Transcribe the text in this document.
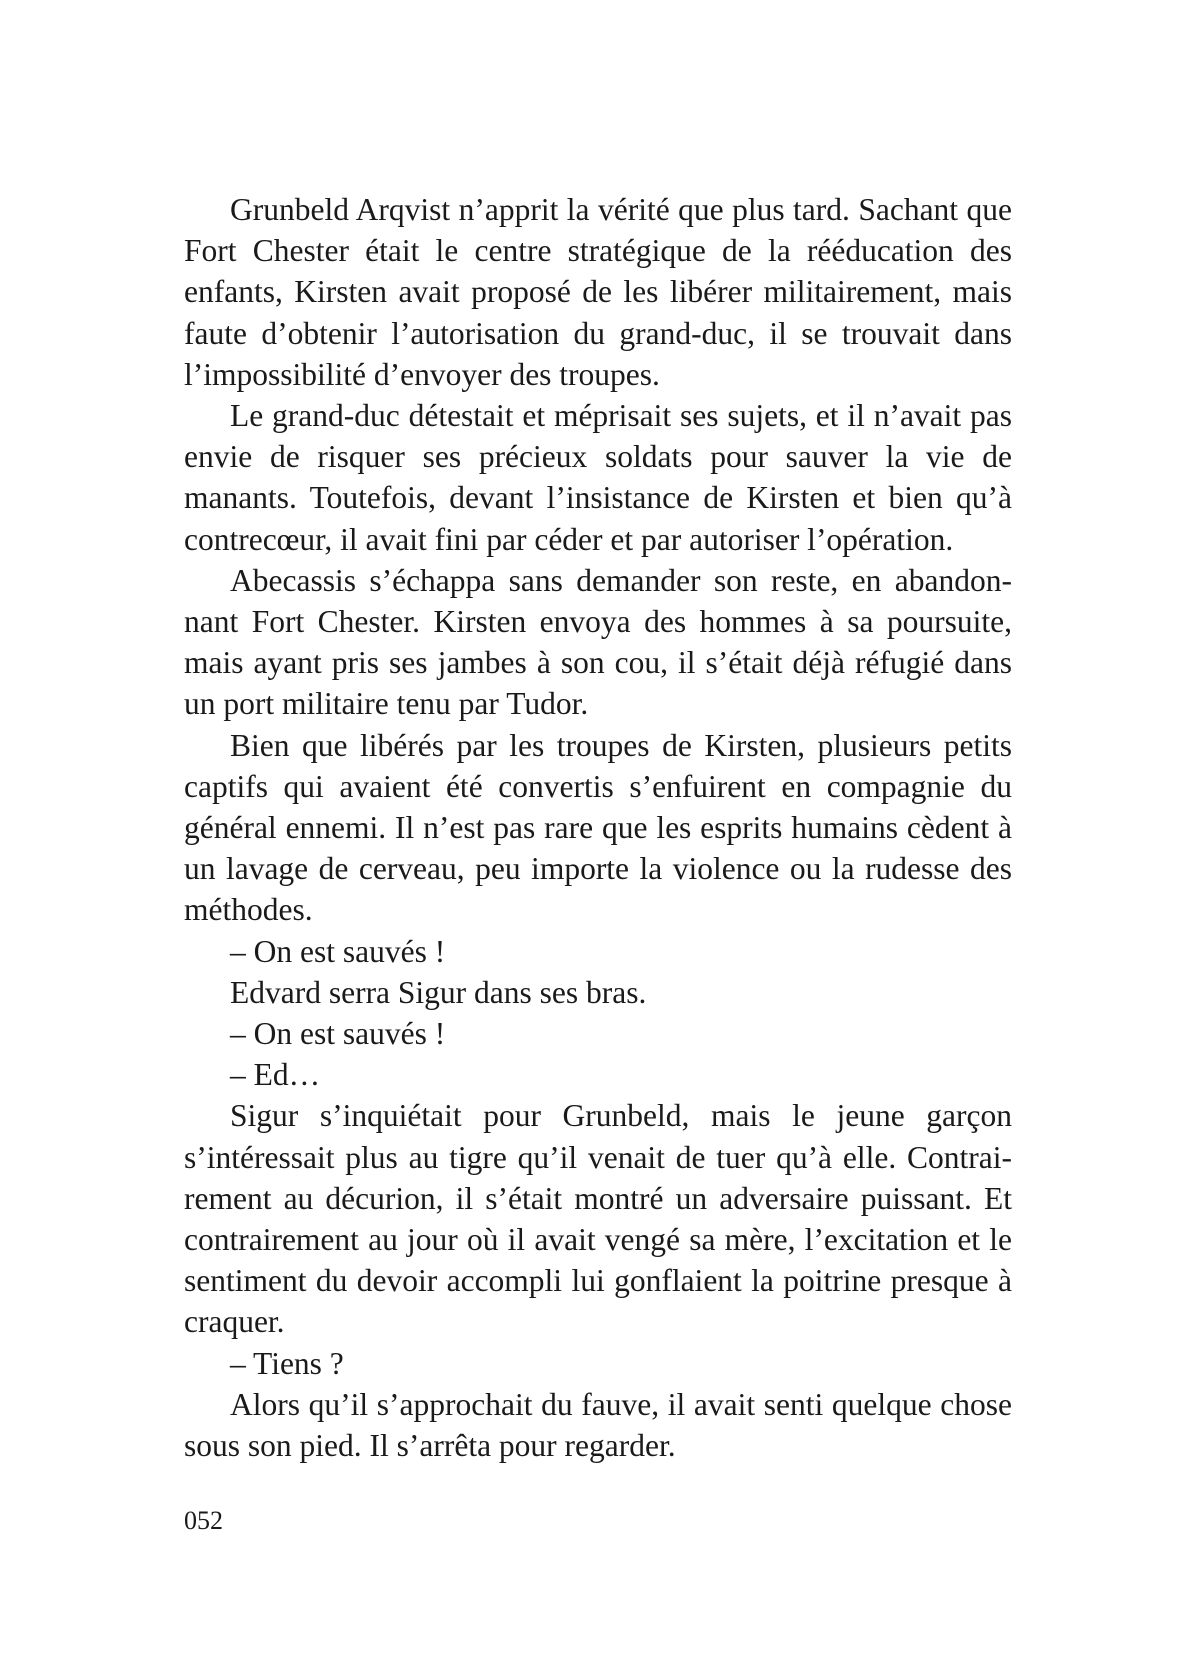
Grunbeld Arqvist n’apprit la vérité que plus tard. Sachant que Fort Chester était le centre stratégique de la rééducation des enfants, Kirsten avait proposé de les libérer militairement, mais faute d’obtenir l’autorisation du grand-duc, il se trouvait dans l’impossibilité d’envoyer des troupes.

Le grand-duc détestait et méprisait ses sujets, et il n’avait pas envie de risquer ses précieux soldats pour sauver la vie de manants. Toutefois, devant l’insistance de Kirsten et bien qu’à contrecœur, il avait fini par céder et par autoriser l’opération.

Abecassis s’échappa sans demander son reste, en abandonnant Fort Chester. Kirsten envoya des hommes à sa poursuite, mais ayant pris ses jambes à son cou, il s’était déjà réfugié dans un port militaire tenu par Tudor.

Bien que libérés par les troupes de Kirsten, plusieurs petits captifs qui avaient été convertis s’enfuirent en compagnie du général ennemi. Il n’est pas rare que les esprits humains cèdent à un lavage de cerveau, peu importe la violence ou la rudesse des méthodes.

– On est sauvés !

Edvard serra Sigur dans ses bras.

– On est sauvés !

– Ed…

Sigur s’inquiétait pour Grunbeld, mais le jeune garçon s’intéressait plus au tigre qu’il venait de tuer qu’à elle. Contrairement au décurion, il s’était montré un adversaire puissant. Et contrairement au jour où il avait vengé sa mère, l’excitation et le sentiment du devoir accompli lui gonflaient la poitrine presque à craquer.

– Tiens ?

Alors qu’il s’approchait du fauve, il avait senti quelque chose sous son pied. Il s’arrêta pour regarder.

052
